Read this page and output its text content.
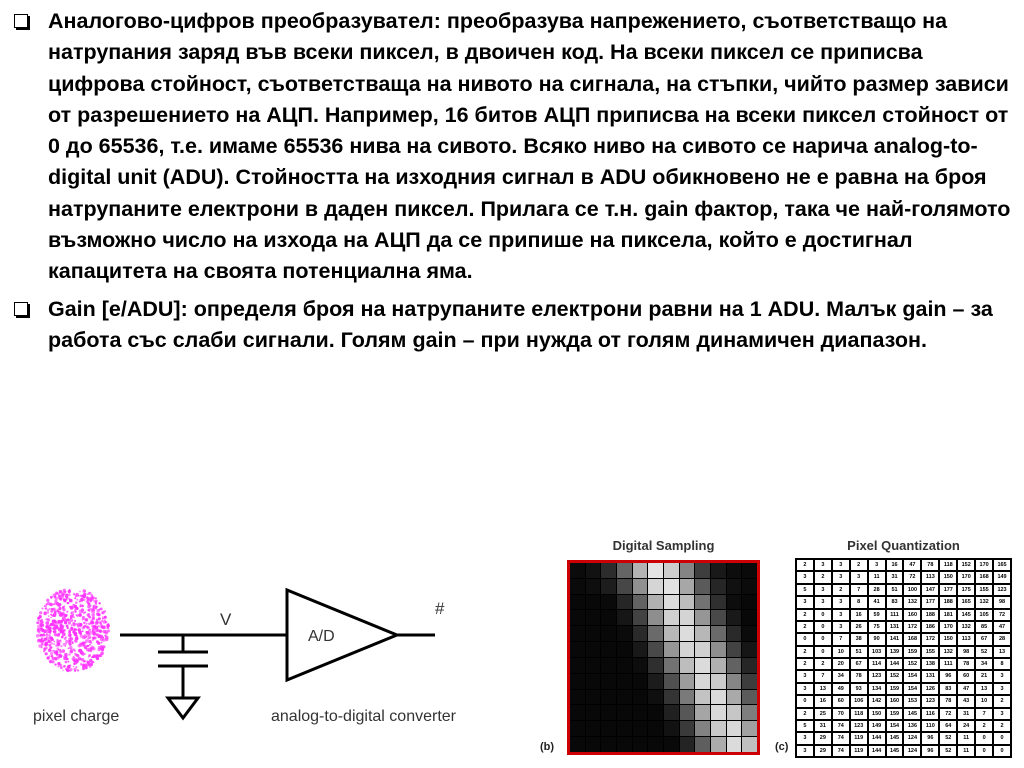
Аналогово-цифров преобразувател: преобразува напрежението, съответстващо на натрупания заряд във всеки пиксел, в двоичен код. На всеки пиксел се приписва цифрова стойност, съответстваща на нивото на сигнала, на стъпки, чийто размер зависи от разрешението на АЦП. Например, 16 битов АЦП приписва на всеки пиксел стойност от 0 до 65536, т.е. имаме 65536 нива на сивото. Всяко ниво на сивото се нарича analog-to-digital unit (ADU). Стойността на изходния сигнал в ADU обикновено не е равна на броя натрупаните електрони в даден пиксел. Прилага се т.н. gain фактор, така че най-голямото възможно число на изхода на АЦП да се припише на пиксела, който е достигнал капацитета на своята потенциална яма.

Gain [e/ADU]: определя броя на натрупаните електрони равни на 1 ADU. Малък gain – за работа със слаби сигнали. Голям gain – при нужда от голям динамичен диапазон.

V
A/D
#
pixel charge	analog-to-digital converter
Digital Sampling
(b)
Pixel Quantization
2	3	3	2	3	16	47	78	118	152	170	165
3	2	3	3	11	31	72	113	150	170	168	149
5	3	2	7	28	51	100	147	177	175	155	123
3	3	3	8	41	83	132	177	188	165	132	98
2	0	3	16	59	111	160	188	181	145	105	72
2	0	3	26	75	131	172	186	170	132	85	47
0	0	7	38	90	141	168	172	150	113	67	28
2	0	10	51	103	139	159	155	132	98	52	13
2	2	20	67	114	144	152	138	111	78	34	8
3	7	34	78	123	152	154	131	96	60	21	3
3	13	49	93	134	159	154	126	83	47	13	3
0	16	60	106	142	160	153	123	78	43	10	2
2	25	70	118	150	159	145	116	72	31	7	3
5	31	74	123	149	154	136	110	64	24	2	2
3	29	74	119	144	145	124	96	52	11	0	0
3	29	74	119	144	145	124	96	52	11	0	0
(c)
